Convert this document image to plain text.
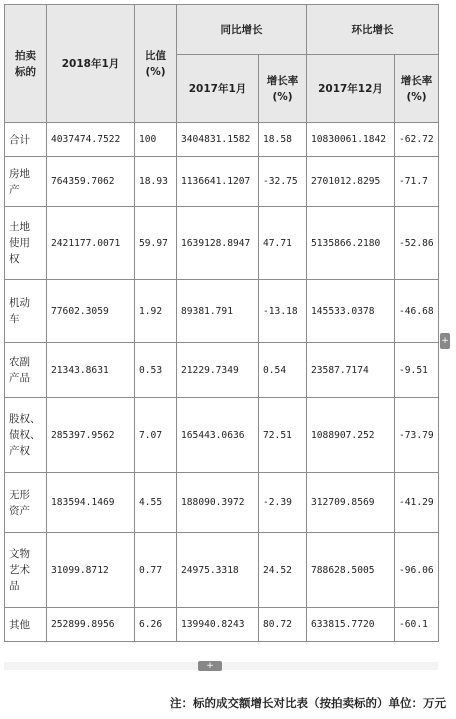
拍卖标的	2018年1月	比值(%)	同比增长		环比增长	
			2017年1月	增长率(%)	2017年12月	增长率(%)

合计	4037474.7522	100	3404831.1582	18.58	10830061.1842	-62.72

房地产	764359.7062	18.93	1136641.1207	-32.75	2701012.8295	-71.7

土地使用权	2421177.0071	59.97	1639128.8947	47.71	5135866.2180	-52.86

机动车	77602.3059	1.92	89381.791	-13.18	145533.0378	-46.68

农副产品	21343.8631	0.53	21229.7349	0.54	23587.7174	-9.51

股权、债权、产权	285397.9562	7.07	165443.0636	72.51	1088907.252	-73.79

无形资产	183594.1469	4.55	188090.3972	-2.39	312709.8569	-41.29

文物艺术品	31099.8712	0.77	24975.3318	24.52	788628.5005	-96.06
其他	252899.8956	6.26	139940.8243	80.72	633815.7720	-60.1
+
+
注：标的成交额增长对比表（按拍卖标的）单位：万元
